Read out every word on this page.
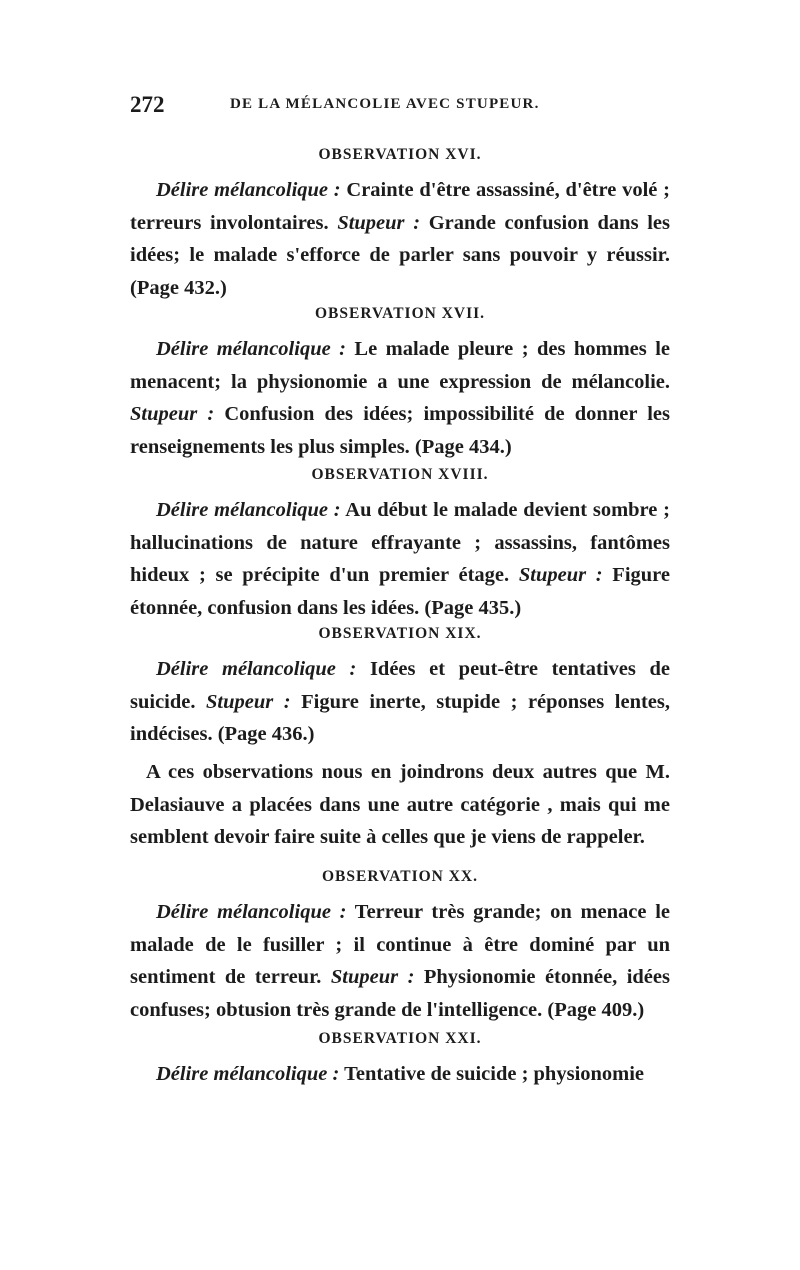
272	DE LA MÉLANCOLIE AVEC STUPEUR.
OBSERVATION XVI.

Délire mélancolique : Crainte d'être assassiné, d'être volé ; terreurs involontaires. Stupeur : Grande confusion dans les idées; le malade s'efforce de parler sans pouvoir y réussir. (Page 432.)

OBSERVATION XVII.

Délire mélancolique : Le malade pleure ; des hommes le menacent; la physionomie a une expression de mélancolie. Stupeur : Confusion des idées; impossibilité de donner les renseignements les plus simples. (Page 434.)

OBSERVATION XVIII.

Délire mélancolique : Au début le malade devient sombre ; hallucinations de nature effrayante ; assassins, fantômes hideux ; se précipite d'un premier étage. Stupeur : Figure étonnée, confusion dans les idées. (Page 435.)

OBSERVATION XIX.

Délire mélancolique : Idées et peut-être tentatives de suicide. Stupeur : Figure inerte, stupide ; réponses lentes, indécises. (Page 436.)

A ces observations nous en joindrons deux autres que M. Delasiauve a placées dans une autre catégorie , mais qui me semblent devoir faire suite à celles que je viens de rappeler.

OBSERVATION XX.

Délire mélancolique : Terreur très grande; on menace le malade de le fusiller ; il continue à être dominé par un sentiment de terreur. Stupeur : Physionomie étonnée, idées confuses; obtusion très grande de l'intelligence. (Page 409.)

OBSERVATION XXI.

Délire mélancolique : Tentative de suicide ; physionomie
